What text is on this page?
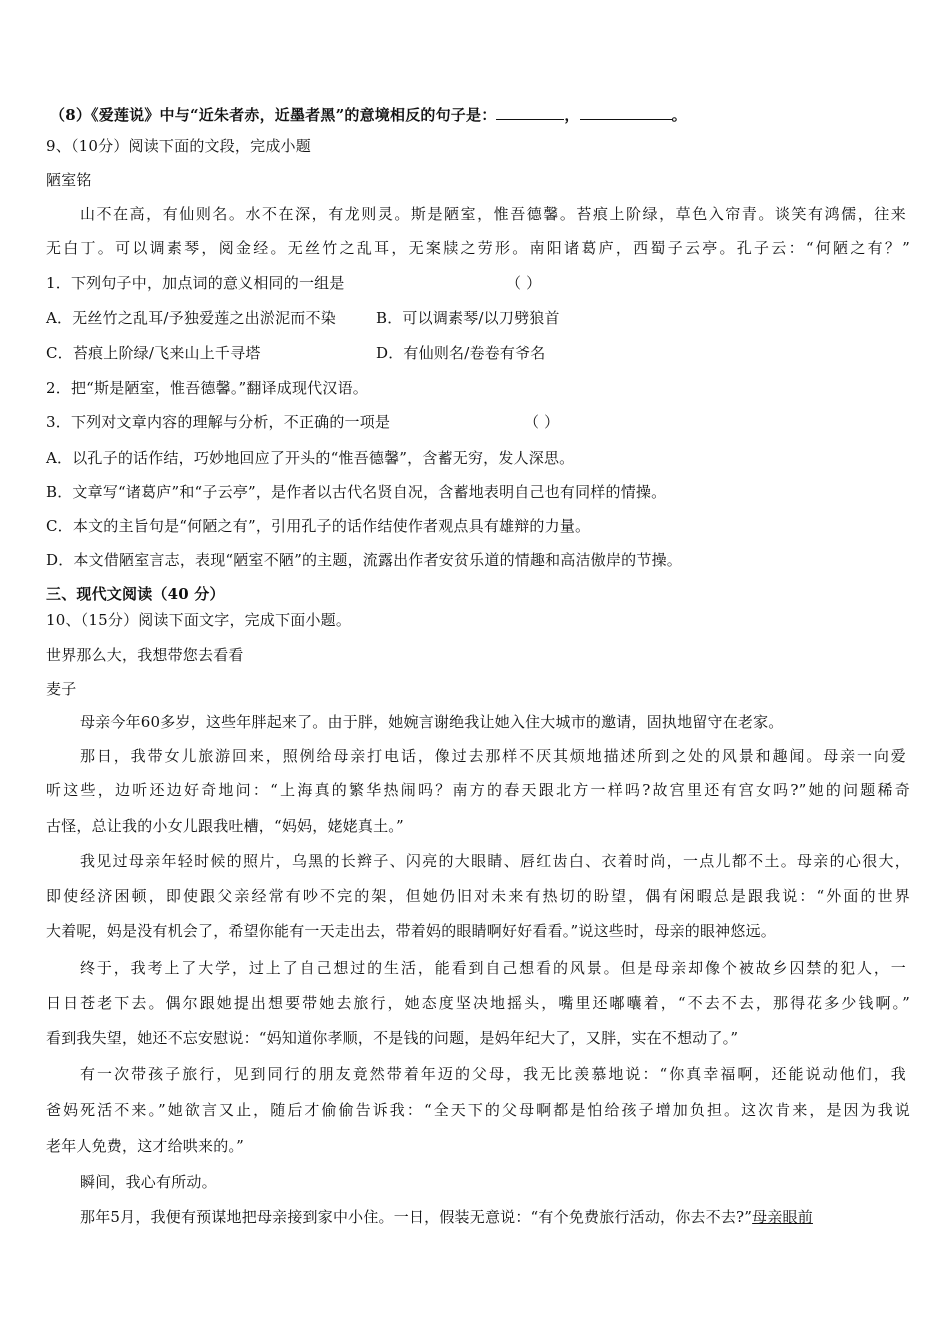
（8）《爱莲说》中与“近朱者赤，近墨者黑”的意境相反的句子是：	，	。
9、（10分）阅读下面的文段，完成小题
陋室铭
山不在高，有仙则名。水不在深，有龙则灵。斯是陋室，惟吾德馨。苔痕上阶绿，草色入帘青。谈笑有鸿儒，往来
无白丁。可以调素琴，阅金经。无丝竹之乱耳，无案牍之劳形。南阳诸葛庐，西蜀子云亭。孔子云：“何陋之有？”
1．下列句子中，加点词的意义相同的一组是	（ ）
A．无丝竹之乱耳/予独爱莲之出淤泥而不染	B．可以调素琴/以刀劈狼首
C．苔痕上阶绿/飞来山上千寻塔	D．有仙则名/卷卷有爷名
2．把“斯是陋室，惟吾德馨。”翻译成现代汉语。
3．下列对文章内容的理解与分析，不正确的一项是	（ ）
A．以孔子的话作结，巧妙地回应了开头的“惟吾德馨”，含蓄无穷，发人深思。
B．文章写“诸葛庐”和“子云亭”，是作者以古代名贤自况，含蓄地表明自己也有同样的情操。
C．本文的主旨句是“何陋之有”，引用孔子的话作结使作者观点具有雄辩的力量。
D．本文借陋室言志，表现“陋室不陋”的主题，流露出作者安贫乐道的情趣和高洁傲岸的节操。
三、现代文阅读（40 分）
10、（15分）阅读下面文字，完成下面小题。
世界那么大，我想带您去看看
麦子
母亲今年60多岁，这些年胖起来了。由于胖，她婉言谢绝我让她入住大城市的邀请，固执地留守在老家。
那日，我带女儿旅游回来，照例给母亲打电话，像过去那样不厌其烦地描述所到之处的风景和趣闻。母亲一向爱
听这些，边听还边好奇地问：“上海真的繁华热闹吗？南方的春天跟北方一样吗?故宫里还有宫女吗?”她的问题稀奇
古怪，总让我的小女儿跟我吐槽，“妈妈，姥姥真土。”
我见过母亲年轻时候的照片，乌黑的长辫子、闪亮的大眼睛、唇红齿白、衣着时尚，一点儿都不土。母亲的心很大，
即使经济困顿，即使跟父亲经常有吵不完的架，但她仍旧对未来有热切的盼望，偶有闲暇总是跟我说：“外面的世界
大着呢，妈是没有机会了，希望你能有一天走出去，带着妈的眼睛啊好好看看。”说这些时，母亲的眼神悠远。
终于，我考上了大学，过上了自己想过的生活，能看到自己想看的风景。但是母亲却像个被故乡囚禁的犯人，一
日日苍老下去。偶尔跟她提出想要带她去旅行，她态度坚决地摇头，嘴里还嘟囔着，“不去不去，那得花多少钱啊。”
看到我失望，她还不忘安慰说：“妈知道你孝顺，不是钱的问题，是妈年纪大了，又胖，实在不想动了。”
有一次带孩子旅行，见到同行的朋友竟然带着年迈的父母，我无比羡慕地说：“你真幸福啊，还能说动他们，我
爸妈死活不来。”她欲言又止，随后才偷偷告诉我：“全天下的父母啊都是怕给孩子增加负担。这次肯来，是因为我说
老年人免费，这才给哄来的。”
瞬间，我心有所动。
那年5月，我便有预谋地把母亲接到家中小住。一日，假装无意说：“有个免费旅行活动，你去不去?”母亲眼前
